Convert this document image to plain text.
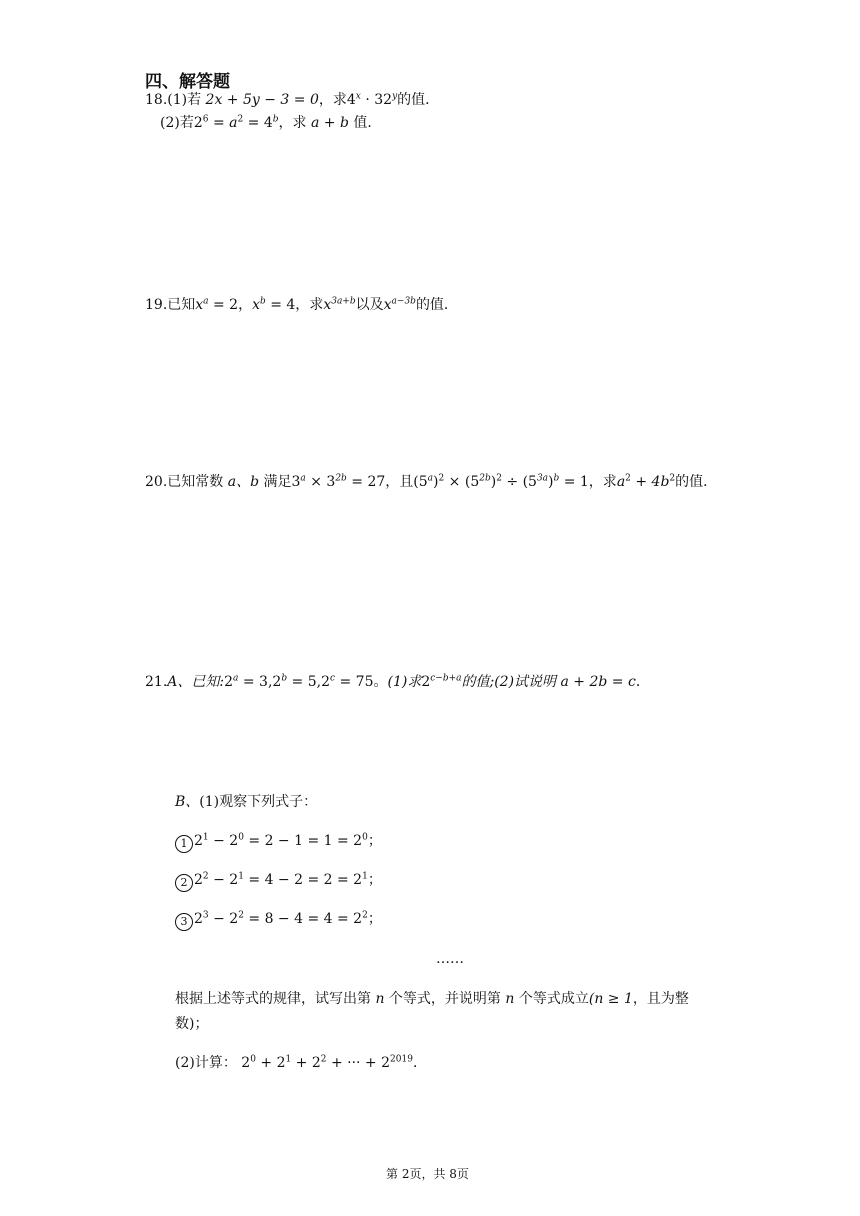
四、解答题
18.(1)若 2x + 5y − 3 = 0，求$4^x \cdot 32^y$的值．
(2)若$2^6 = a^2 = 4^b$，求 a + b 值．
19.已知$x^a = 2$，$x^b = 4$，求$x^{3a+b}$以及$x^{a-3b}$的值．
20.已知常数 a、b 满足$3^a \times 3^{2b} = 27$，且$(5^a)^2 \times (5^{2b})^2 \div (5^{3a})^b = 1$，求$a^2 + 4b^2$的值．
21.A、已知$:2^a = 3,2^b = 5,2^c = 75$。(1)求$2^{c-b+a}$的值;(2)试说明 a + 2b = c．
B、(1)观察下列式子：
1 $2^1 - 2^0 = 2 - 1 = 1 = 2^0$；
2 $2^2 - 2^1 = 4 - 2 = 2 = 2^1$；
3 $2^3 - 2^2 = 8 - 4 = 4 = 2^2$；
……
根据上述等式的规律，试写出第 n 个等式，并说明第 n 个等式成立(n ≥ 1，且为整
数)；
(2)计算： $2^0 + 2^1 + 2^2$ + ··· + $2^{2019}$．
第 2页，共 8页
